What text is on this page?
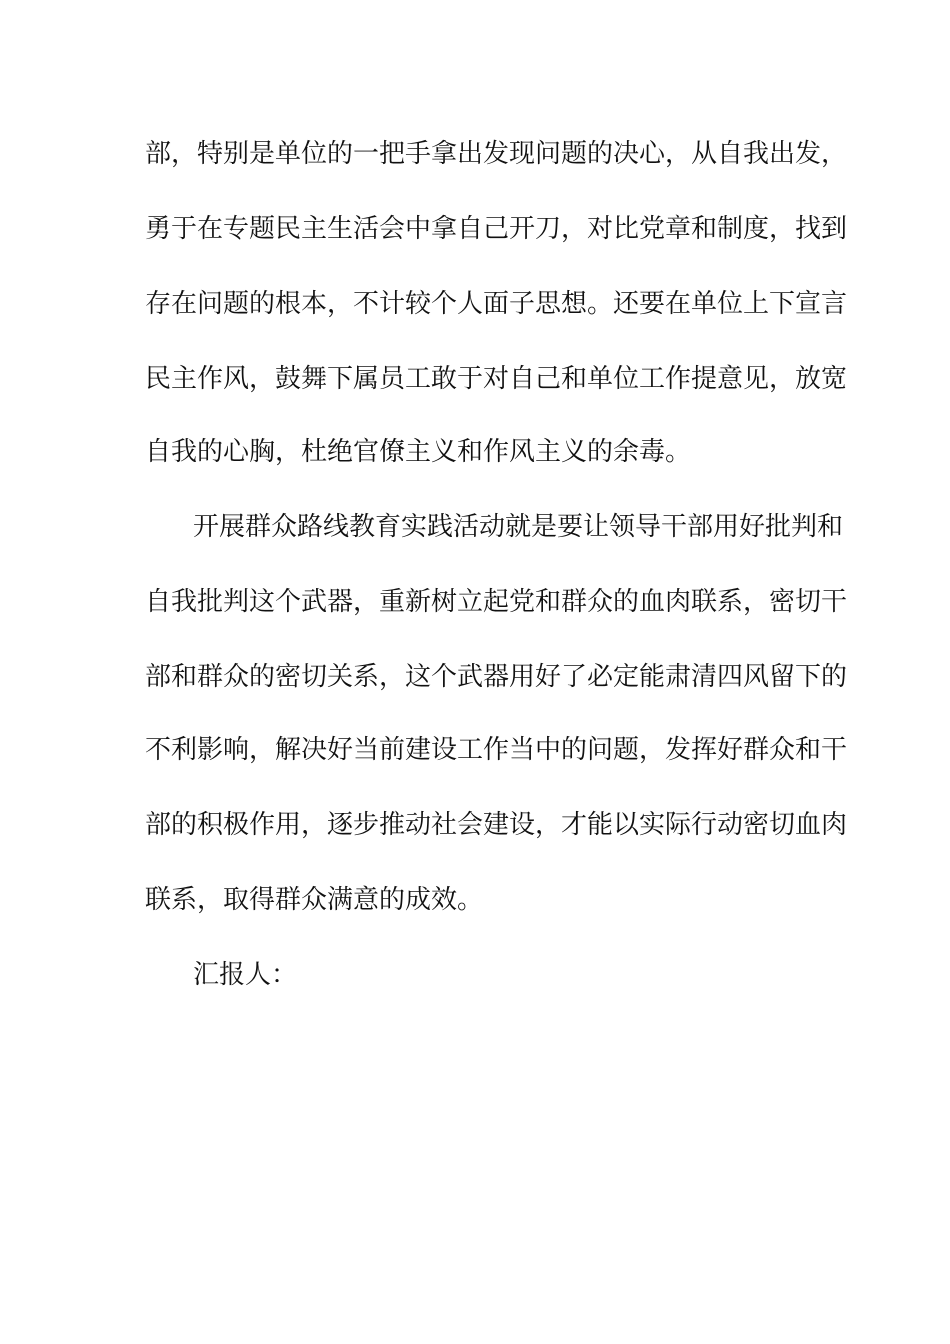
部，特别是单位的一把手拿出发现问题的决心，从自我出发，
勇于在专题民主生活会中拿自己开刀，对比党章和制度，找到
存在问题的根本，不计较个人面子思想。还要在单位上下宣言
民主作风，鼓舞下属员工敢于对自己和单位工作提意见，放宽
自我的心胸，杜绝官僚主义和作风主义的余毒。
开展群众路线教育实践活动就是要让领导干部用好批判和
自我批判这个武器，重新树立起党和群众的血肉联系，密切干
部和群众的密切关系，这个武器用好了必定能肃清四风留下的
不利影响，解决好当前建设工作当中的问题，发挥好群众和干
部的积极作用，逐步推动社会建设，才能以实际行动密切血肉
联系，取得群众满意的成效。
汇报人：
